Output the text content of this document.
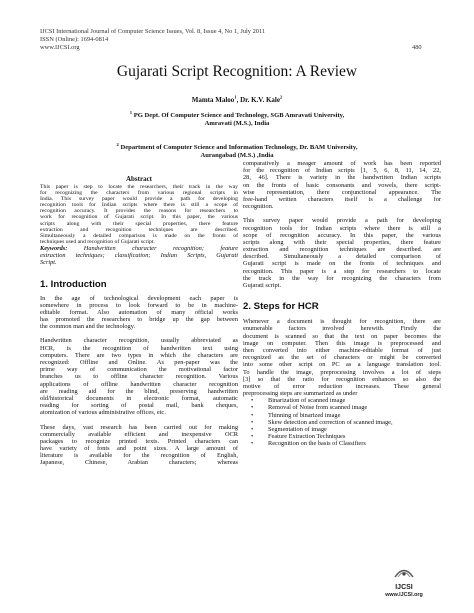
IJCSI International Journal of Computer Science Issues, Vol. 8, Issue 4, No 1, July 2011
ISSN (Online): 1694-0814
www.IJCSI.org	480
Gujarati Script Recognition: A Review
Mamta Maloo$^1$, Dr. K.V. Kale$^2$
$^1$ PG Dept. Of Computer Science and Technology, SGB Amravati University,
Amravati (M.S.), India
$^2$ Department of Computer Science and Information Technology, Dr. BAM University,
Aurangabad (M.S.) ,India
Abstract
This paper is step to locate the researchers, their track in the way
for recognizing the characters from various regional scripts in
India. This survey paper would provide a path for developing
recognition tools for Indian scripts where there is still a scope of
recognition accuracy. It provides the reasons for researchers to
work for recognition of Gujarati script. In this paper, the various
scripts along with their special properties, there feature
extraction and recognition techniques are described.
Simultaneously a detailed comparison is made on the fronts of
techniques used and recognition of Gujarati script.
Keywords: Handwritten character recognition; feature
extraction techniques; classification; Indian Scripts, Gujarati
Script.
1. Introduction
In the age of technological development each paper is
somewhere in process to look forward to be in machine-
editable format. Also automation of many official works
has promoted the researchers to bridge up the gap between
the common man and the technology.
Handwritten character recognition, usually abbreviated as
HCR, is the recognition of handwritten text using
computers. There are two types in which the characters are
recognized: Offline and Online. As pen-paper was the
prime way of communication the motivational factor
branches us to offline character recognition. Various
applications of offline handwritten character recognition
are reading aid for the blind, preserving handwritten
old/historical documents in electronic format, automatic
reading for sorting of postal mail, bank cheques,
atomization of various administrative offices, etc.
These days, vast research has been carried out for making
commercially available efficient and inexpensive OCR
packages to recognize printed texts. Printed characters can
have variety of fonts and point sizes. A large amount of
literature is available for the recognition of English,
Japanese, Chinese, Arabian characters; whereas
comparatively a meager amount of work has been reported
for the recognition of Indian scripts [1, 5, 6, 8, 11, 14, 22,
28, 46]. There is variety in the handwritten Indian scripts
on the fronts of basic consonants and vowels, there script-
wise representation, there conjunctional appearance. The
free-hand written characters itself is a challenge for
recognition.
This survey paper would provide a path for developing
recognition tools for Indian scripts where there is still a
scope of recognition accuracy. In this paper, the various
scripts along with their special properties, there feature
extraction and recognition techniques are described. are
described. Simultaneously a detailed comparison of
Gujarati script is made on the fronts of techniques and
recognition. This paper is a step for researchers to locate
the track in the way for recognizing the characters from
Gujarati script.
2. Steps for HCR
Whenever a document is thought for recognition, there are
enumerable factors involved herewith. Firstly the
document is scanned so that the text on paper becomes the
image on computer. Then this image is preprocessed and
then converted into either machine-editable format of just
recognized as the set of characters or might be converted
into some other script on PC as a language translation tool.
To handle the image, preprocessing involves a lot of steps
[3] so that the ratio for recognition enhances so also the
motive of error reduction increases. These general
preprocessing steps are summarized as under
• Binarization of scanned image
• Removal of Noise from scanned image
• Thinning of binarized image
• Skew detection and correction of scanned image,
• Segmentation of image
• Feature Extraction Techniques
• Recognition on the basis of Classifiers
IJCSI
www.IJCSI.org
